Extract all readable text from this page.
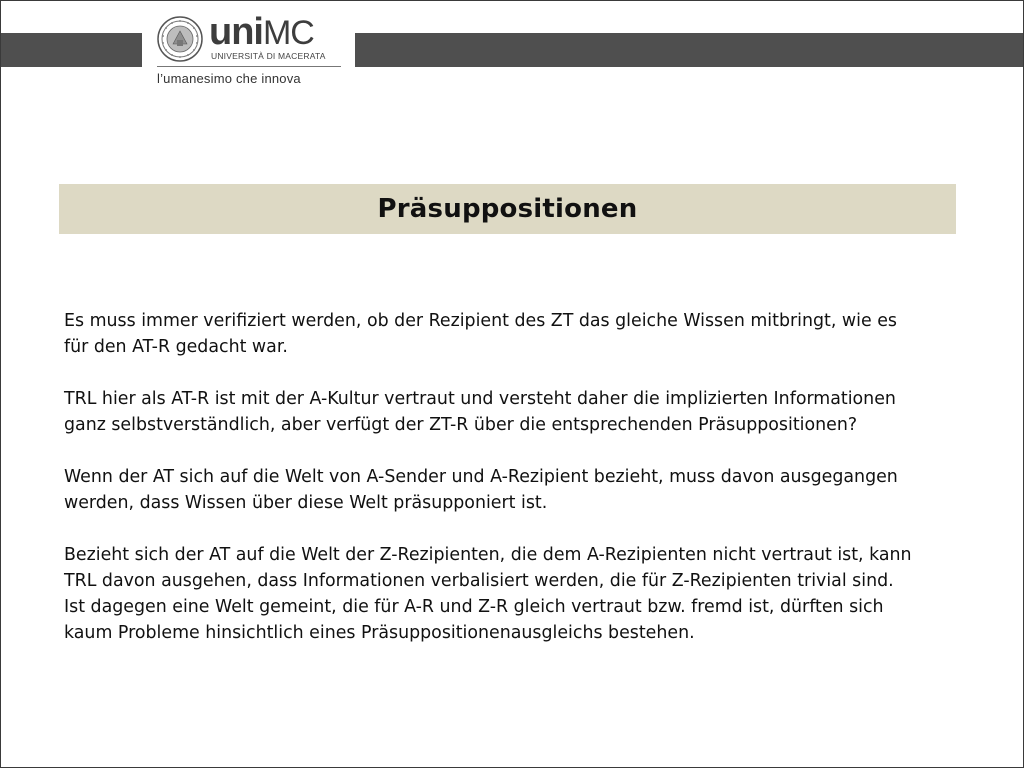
uniMC
UNIVERSITÀ DI MACERATA
l’umanesimo che innova
Präsuppositionen

Es muss immer verifiziert werden, ob der Rezipient des ZT das gleiche Wissen mitbringt, wie es
für den AT-R gedacht war.

TRL hier als AT-R ist mit der A-Kultur vertraut und versteht daher die implizierten Informationen
ganz selbstverständlich, aber verfügt der ZT-R über die entsprechenden Präsuppositionen?

Wenn der AT sich auf die Welt von A-Sender und A-Rezipient bezieht, muss davon ausgegangen
werden, dass Wissen über diese Welt präsupponiert ist.

Bezieht sich der AT auf die Welt der Z-Rezipienten, die dem A-Rezipienten nicht vertraut ist, kann
TRL davon ausgehen, dass Informationen verbalisiert werden, die für Z-Rezipienten trivial sind.
Ist dagegen eine Welt gemeint, die für A-R und Z-R gleich vertraut bzw. fremd ist, dürften sich
kaum Probleme hinsichtlich eines Präsuppositionenausgleichs bestehen.
